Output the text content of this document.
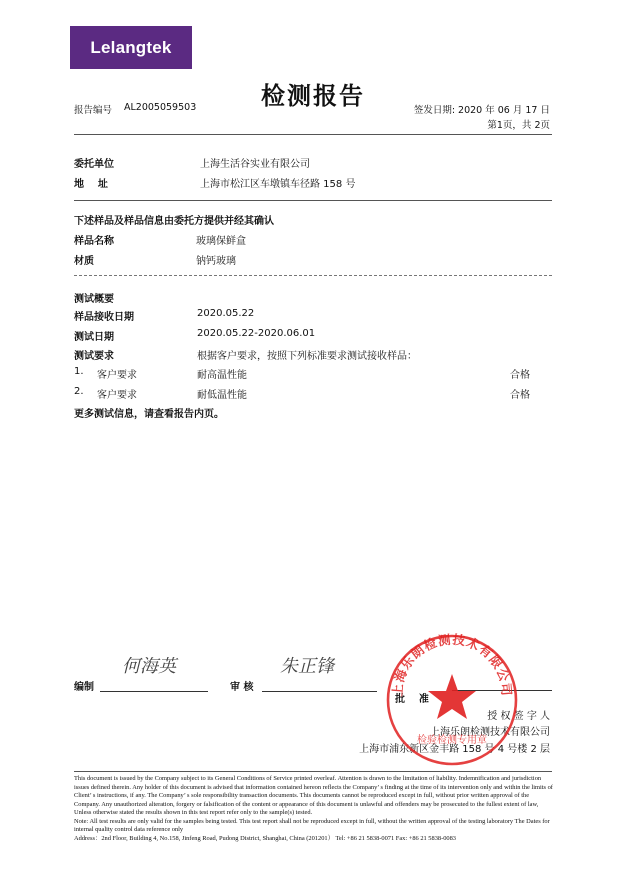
Lelang tek
检测报告
报告编号 AL2005059503	签发日期: 2020 年 06 月 17 日
第1页，共 2页
委托单位	上海生活谷实业有限公司
地    址	上海市松江区车墩镇车径路 158 号
下述样品及样品信息由委托方提供并经其确认
样品名称	玻璃保鲜盒
材质	钠钙玻璃
测试概要
样品接收日期	2020.05.22
测试日期	2020.05.22-2020.06.01
测试要求	根据客户要求，按照下列标准要求测试接收样品：
1. 客户要求	耐高温性能	合格
2. 客户要求	耐低温性能	合格
更多测试信息，请查看报告内页。
编制
何海英
审 核
朱正锋
批    准
授 权 签 字 人
上海乐朗检测技术有限公司
上海市浦东新区金丰路 158 号 4 号楼 2 层
上海乐朗检测技术有限公司
检验检测专用章

This document is issued by the Company subject to its General Conditions of Service printed overleaf. Attention is drawn to the limitation of liability. Indemnification and jurisdiction issues defined therein. Any holder of this document is advised that information contained hereon reflects the Company’ s finding at the time of its intervention only and within the limits of Client’ s instructions, if any. The Company’ s sole responsibility transaction documents. This documents cannot be reproduced except in full, without prior written approval of the Company. Any unauthorized alteration, forgery or falsification of the content or appearance of this document is unlawful and offenders may be prosecuted to the fullest extent of law, Unless otherwise stated the results shown in this test report refer only to the sample(s) tested.

Note: All test results are only valid for the samples being tested. This test report shall not be reproduced except in full, without the written approval of the testing laboratory The Dates for internal quality control data reference only

Address：2nd Floor, Building 4, No.158, Jinfeng Road, Pudong District, Shanghai, China (201201） Tel: +86 21 5838-0071 Fax: +86 21 5838-0083
